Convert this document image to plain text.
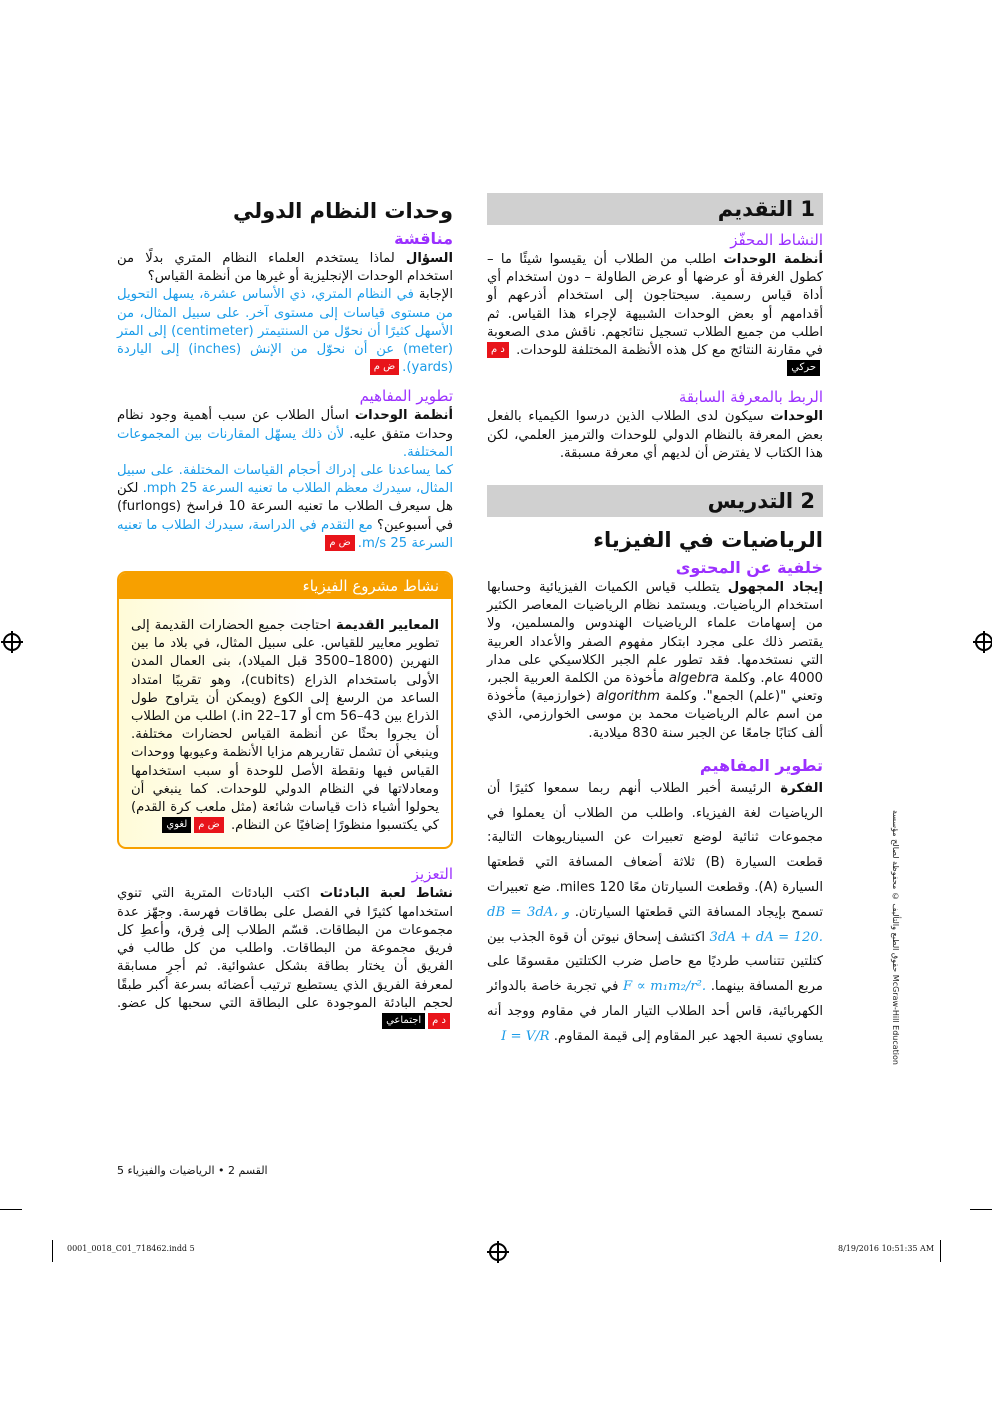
1 التقديم
النشاط المحفّز

أنظمة الوحدات اطلب من الطلاب أن يقيسوا شيئًا ما – كطول الغرفة أو عرضها أو عرض الطاولة – دون استخدام أي أداة قياس رسمية. سيحتاجون إلى استخدام أذرعهم أو أقدامهم أو بعض الوحدات الشبيهة لإجراء هذا القياس. ثم اطلب من جميع الطلاب تسجيل نتائجهم. ناقش مدى الصعوبة في مقارنة النتائج مع كل هذه الأنظمة المختلفة للوحدات. د محركي

الربط بالمعرفة السابقة

الوحدات سيكون لدى الطلاب الذين درسوا الكيمياء بالفعل بعض المعرفة بالنظام الدولي للوحدات والترميز العلمي، لكن هذا الكتاب لا يفترض أن لديهم أي معرفة مسبقة.

2 التدريس
الرياضيات في الفيزياء
خلفية عن المحتوى

إيجاد المجهول يتطلب قياس الكميات الفيزيائية وحسابها استخدام الرياضيات. ويستمد نظام الرياضيات المعاصر الكثير من إسهامات علماء الرياضيات الهندوس والمسلمين، ولا يقتصر ذلك على مجرد ابتكار مفهوم الصفر والأعداد العربية التي نستخدمها. فقد تطور علم الجبر الكلاسيكي على مدار 4000 عام. وكلمة algebra مأخوذة من الكلمة العربية الجبر، وتعني "(علم) الجمع". وكلمة algorithm (خوارزمية) مأخوذة من اسم عالم الرياضيات محمد بن موسى الخوارزمي، الذي ألف كتابًا جامعًا عن الجبر سنة 830 ميلادية.

تطوير المفاهيم

الفكرة الرئيسة أخبر الطلاب أنهم ربما سمعوا كثيرًا أن الرياضيات لغة الفيزياء. واطلب من الطلاب أن يعملوا في مجموعات ثنائية لوضع تعبيرات عن السيناريوهات التالية: قطعت السيارة (B) ثلاثة أضعاف المسافة التي قطعتها السيارة (A). وقطعت السيارتان معًا 120 miles. ضع تعبيرات تسمح بإيجاد المسافة التي قطعتها السيارتان. dB = 3dA، و 3dA + dA = 120. اكتشف إسحاق نيوتن أن قوة الجذب بين كتلتين تتناسب طرديًا مع حاصل ضرب الكتلتين مقسومًا على مربع المسافة بينهما. F ∝ m₁m₂/r². في تجربة خاصة بالدوائر الكهربائية، قاس أحد الطلاب التيار المار في مقاوم ووجد أنه يساوي نسبة الجهد عبر المقاوم إلى قيمة المقاوم. I = V/R

وحدات النظام الدولي
مناقشة

السؤال لماذا يستخدم العلماء النظام المتري بدلًا من استخدام الوحدات الإنجليزية أو غيرها من أنظمة القياس؟

الإجابة في النظام المتري، ذي الأساس عشرة، يسهل التحويل من مستوى قياسات إلى مستوى آخر. على سبيل المثال، من الأسهل كثيرًا أن نحوّل من السنتيمتر (centimeter) إلى المتر (meter) عن أن نحوّل من الإنش (inches) إلى الياردة (yards).ض م

تطوير المفاهيم

أنظمة الوحدات اسأل الطلاب عن سبب أهمية وجود نظام وحدات متفق عليه. لأن ذلك يسهّل المقارنات بين المجموعات المختلفة.

كما يساعدنا على إدراك أحجام القياسات المختلفة. على سبيل المثال، سيدرك معظم الطلاب ما تعنيه السرعة 25 mph. لكن هل سيعرف الطلاب ما تعنيه السرعة 10 فراسخ (furlongs) في أسبوعين؟ مع التقدم في الدراسة، سيدرك الطلاب ما تعنيه السرعة 25 m/s.ض م

نشاط مشروع الفيزياء

المعايير القديمة احتاجت جميع الحضارات القديمة إلى تطوير معايير للقياس. على سبيل المثال، في بلاد ما بين النهرين (1800–3500 قبل الميلاد)، بنى العمال المدن الأولى باستخدام الذراع (cubits)، وهو تقريبًا امتداد الساعد من الرسغ إلى الكوع (ويمكن أن يتراوح طول الذراع بين 43–56 cm أو 17–22 in.) اطلب من الطلاب أن يجروا بحثًا عن أنظمة القياس لحضارات مختلفة. وينبغي أن تشمل تقاريرهم مزايا الأنظمة وعيوبها ووحدات القياس فيها ونقطة الأصل للوحدة أو سبب استخدامها ومعادلاتها في النظام الدولي للوحدات. كما ينبغي أن يحولوا أشياء ذات قياسات شائعة (مثل ملعب كرة القدم) كي يكتسبوا منظورًا إضافيًا عن النظام. ض ملغوي

التعزيز

نشاط لعبة البادئات اكتب البادئات المترية التي تنوي استخدامها كثيرًا في الفصل على بطاقات فهرسة. وجهّز عدة مجموعات من البطاقات. قسّم الطلاب إلى فِرق، وأعطِ كل فريق مجموعة من البطاقات. واطلب من كل طالب في الفريق أن يختار بطاقة بشكل عشوائية. ثم أجرِ مسابقة لمعرفة الفريق الذي يستطيع ترتيب أعضائه بسرعة أكبر طبقًا لحجم البادئة الموجودة على البطاقة التي سحبها كل عضو. د ماجتماعي

القسم 2 • الرياضيات والفيزياء 5
حقوق الطبع والتأليف © محفوظة لصالح مؤسسة McGraw-Hill Education
0001_0018_C01_718462.indd 5	8/19/2016 10:51:35 AM
